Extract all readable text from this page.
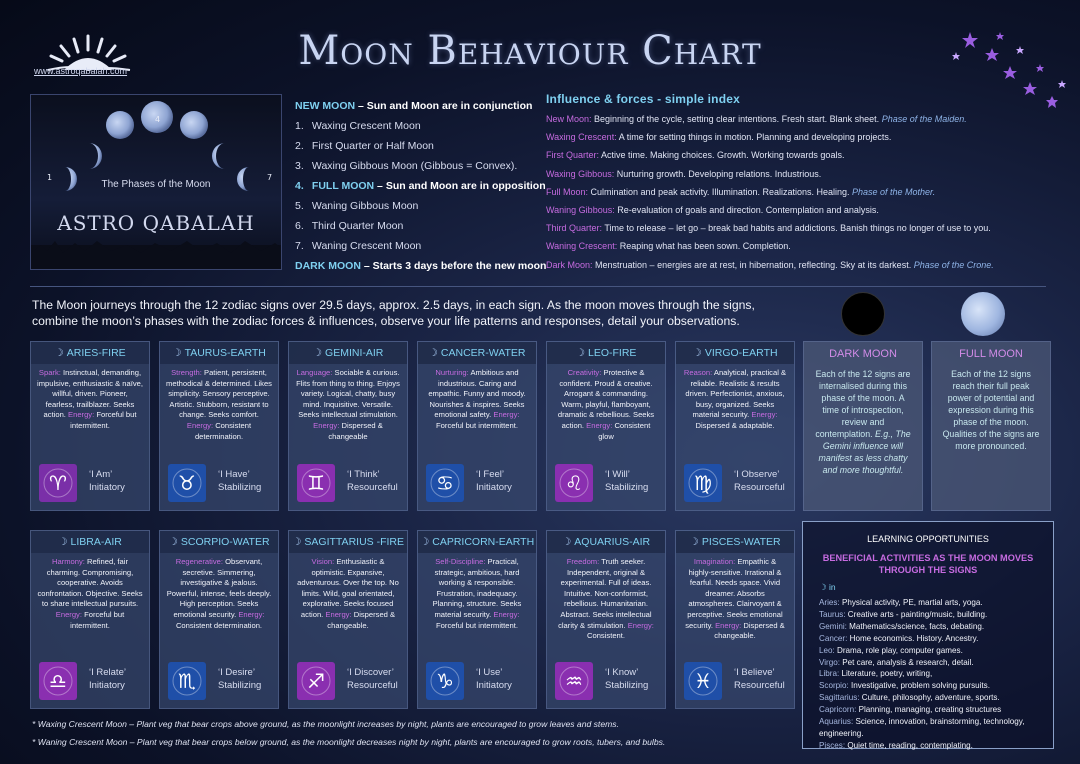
www.astroqabalah.com	Moon Behaviour Chart
1
4
7
The Phases of the Moon
ASTRO QABALAH
NEW MOON – Sun and Moon are in conjunction
1. Waxing Crescent Moon
2. First Quarter or Half Moon
3. Waxing Gibbous Moon (Gibbous = Convex).
4. FULL MOON – Sun and Moon are in opposition
5. Waning Gibbous Moon
6. Third Quarter Moon
7. Waning Crescent Moon
DARK MOON – Starts 3 days before the new moon
Influence & forces - simple index
New Moon: Beginning of the cycle, setting clear intentions. Fresh start. Blank sheet. Phase of the Maiden.
Waxing Crescent: A time for setting things in motion. Planning and developing projects.
First Quarter: Active time. Making choices. Growth. Working towards goals.
Waxing Gibbous: Nurturing growth. Developing relations. Industrious.
Full Moon: Culmination and peak activity. Illumination. Realizations. Healing. Phase of the Mother.
Waning Gibbous: Re-evaluation of goals and direction. Contemplation and analysis.
Third Quarter: Time to release – let go – break bad habits and addictions. Banish things no longer of use to you.
Waning Crescent: Reaping what has been sown. Completion.
Dark Moon: Menstruation – energies are at rest, in hibernation, reflecting. Sky at its darkest. Phase of the Crone.
The Moon journeys through the 12 zodiac signs over 29.5 days, approx. 2.5 days, in each sign. As the moon moves through the signs, combine the moon’s phases with the zodiac forces & influences, observe your life patterns and responses, detail your observations.
☽ ARIES-FIRE
Spark: Instinctual, demanding, impulsive, enthusiastic & naïve, willful, driven. Pioneer, fearless, trailblazer. Seeks action. Energy: Forceful but intermittent.
♈ ‘I Am’
Initiatory
☽ TAURUS-EARTH
Strength: Patient, persistent, methodical & determined. Likes simplicity. Sensory perceptive. Artistic. Stubborn, resistant to change. Seeks comfort. Energy: Consistent determination.
♉ ‘I Have’
Stabilizing
☽ GEMINI-AIR
Language: Sociable & curious. Flits from thing to thing. Enjoys variety. Logical, chatty, busy mind. Inquisitive. Versatile. Seeks intellectual stimulation. Energy: Dispersed & changeable
♊ ‘I Think’
Resourceful
☽ CANCER-WATER
Nurturing: Ambitious and industrious. Caring and empathic. Funny and moody. Nourishes & inspires. Seeks emotional safety. Energy: Forceful but intermittent.
♋ ‘I Feel’
Initiatory
☽ LEO-FIRE
Creativity: Protective & confident. Proud & creative. Arrogant & commanding. Warm, playful, flamboyant, dramatic & rebellious. Seeks action. Energy: Consistent glow
♌ ‘I Will’
Stabilizing
☽ VIRGO-EARTH
Reason: Analytical, practical & reliable. Realistic & results driven. Perfectionist, anxious, busy, organized. Seeks material security. Energy: Dispersed & adaptable.
♍ ‘I Observe’
Resourceful
☽ LIBRA-AIR
Harmony: Refined, fair charming. Compromising, cooperative. Avoids confrontation. Objective. Seeks to share intellectual pursuits. Energy: Forceful but intermittent.
♎ ‘I Relate’
Initiatory
☽ SCORPIO-WATER
Regenerative: Observant, secretive. Simmering, investigative & jealous. Powerful, intense, feels deeply. High perception. Seeks emotional security. Energy: Consistent determination.
♏ ‘I Desire’
Stabilizing
☽ SAGITTARIUS -FIRE
Vision: Enthusiastic & optimistic. Expansive, adventurous. Over the top. No limits. Wild, goal orientated, explorative. Seeks focused action. Energy: Dispersed & changeable.
♐ ‘I Discover’
Resourceful
☽ CAPRICORN-EARTH
Self-Discipline: Practical, strategic, ambitious, hard working & responsible. Frustration, inadequacy. Planning, structure. Seeks material security. Energy: Forceful but intermittent.
♑ ‘I Use’
Initiatory
☽ AQUARIUS-AIR
Freedom: Truth seeker. Independent, original & experimental. Full of ideas. Intuitive. Non-conformist, rebellious. Humanitarian. Abstract. Seeks intellectual clarity & stimulation. Energy: Consistent.
♒ ‘I Know’
Stabilizing
☽ PISCES-WATER
Imagination: Empathic & highly-sensitive. Irrational & fearful. Needs space. Vivid dreamer. Absorbs atmospheres. Clairvoyant & perceptive. Seeks emotional security. Energy: Dispersed & changeable.
♓ ‘I Believe’
Resourceful
DARK MOON
Each of the 12 signs are internalised during this phase of the moon. A time of introspection, review and contemplation. E.g., The Gemini influence will manifest as less chatty and more thoughtful.
FULL MOON
Each of the 12 signs reach their full peak power of potential and expression during this phase of the moon. Qualities of the signs are more pronounced.
LEARNING OPPORTUNITIES
BENEFICIAL ACTIVITIES AS THE MOON MOVES THROUGH THE SIGNS
☽ in
Aries: Physical activity, PE, martial arts, yoga.
Taurus: Creative arts - painting/music, building.
Gemini: Mathematics/science, facts, debating.
Cancer: Home economics. History. Ancestry.
Leo: Drama, role play, computer games.
Virgo: Pet care, analysis & research, detail.
Libra: Literature, poetry, writing,
Scorpio: Investigative, problem solving pursuits.
Sagittarius: Culture, philosophy, adventure, sports.
Capricorn: Planning, managing, creating structures
Aquarius: Science, innovation, brainstorming, technology, engineering.
Pisces: Quiet time, reading, contemplating.
* Waxing Crescent Moon – Plant veg that bear crops above ground, as the moonlight increases by night, plants are encouraged to grow leaves and stems.
* Waning Crescent Moon – Plant veg that bear crops below ground, as the moonlight decreases night by night, plants are encouraged to grow roots, tubers, and bulbs.
